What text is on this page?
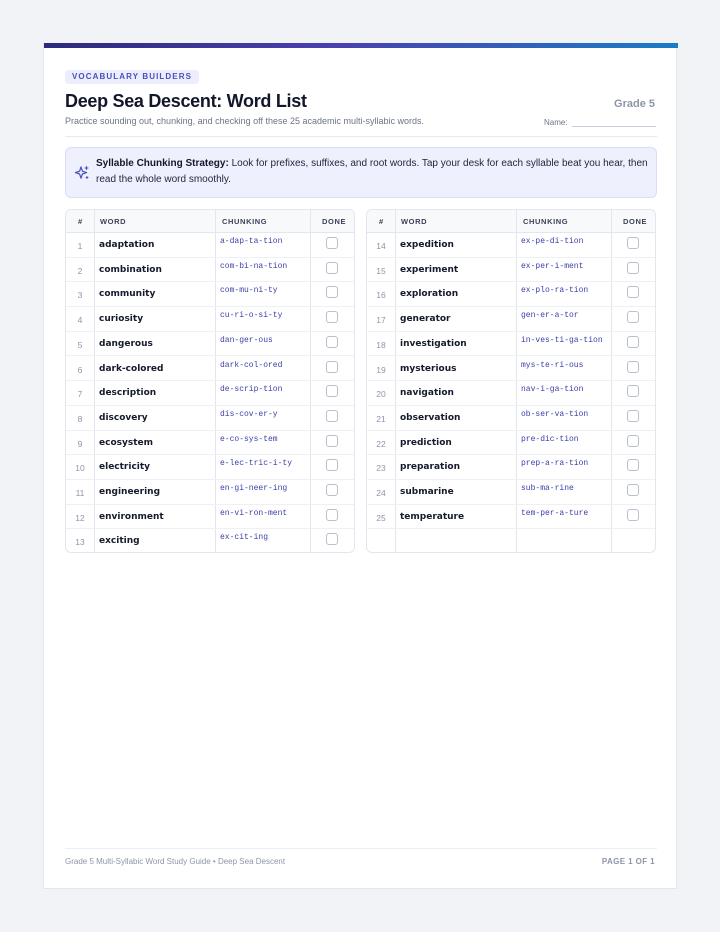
VOCABULARY BUILDERS
Deep Sea Descent: Word List	Grade 5
Practice sounding out, chunking, and checking off these 25 academic multi-syllabic words.	Name:
Syllable Chunking Strategy: Look for prefixes, suffixes, and root words. Tap your desk for each syllable beat you hear, then read the whole word smoothly.
# WORD	CHUNKING	DONE
1	adaptation	a-dap-ta-tion
2	combination	com-bi-na-tion
3	community	com-mu-ni-ty
4	curiosity	cu-ri-o-si-ty
5	dangerous	dan-ger-ous
6	dark-colored	dark-col-ored
7	description	de-scrip-tion
8	discovery	dis-cov-er-y
9	ecosystem	e-co-sys-tem
10	electricity	e-lec-tric-i-ty
11	engineering	en-gi-neer-ing
12	environment	en-vi-ron-ment
13	exciting	ex-cit-ing
# WORD	CHUNKING	DONE
14	expedition	ex-pe-di-tion
15	experiment	ex-per-i-ment
16	exploration	ex-plo-ra-tion
17	generator	gen-er-a-tor
18	investigation	in-ves-ti-ga-tion
19	mysterious	mys-te-ri-ous
20	navigation	nav-i-ga-tion
21	observation	ob-ser-va-tion
22	prediction	pre-dic-tion
23	preparation	prep-a-ra-tion
24	submarine	sub-ma-rine
25	temperature	tem-per-a-ture
Grade 5 Multi-Syllabic Word Study Guide • Deep Sea Descent	PAGE 1 OF 1
